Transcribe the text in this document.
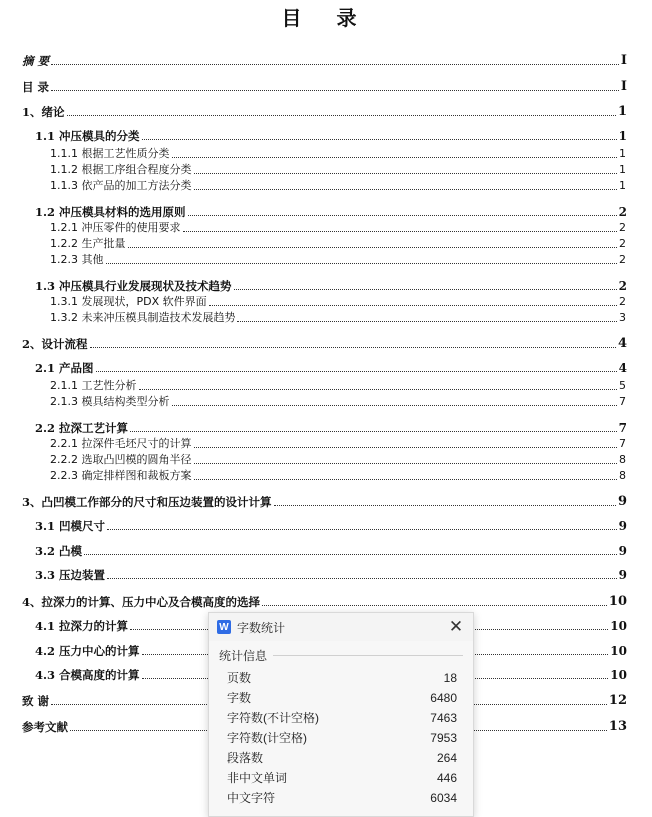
目 录
摘 要	I
目 录	I
1、绪论	1
1.1 冲压模具的分类	1
1.1.1 根据工艺性质分类	1
1.1.2 根据工序组合程度分类	1
1.1.3 依产品的加工方法分类	1
1.2 冲压模具材料的选用原则	2
1.2.1 冲压零件的使用要求	2
1.2.2 生产批量	2
1.2.3 其他	2
1.3 冲压模具行业发展现状及技术趋势	2
1.3.1 发展现状，PDX 软件界面	2
1.3.2 未来冲压模具制造技术发展趋势	3
2、设计流程	4
2.1 产品图	4
2.1.1 工艺性分析	5
2.1.3 模具结构类型分析	7
2.2 拉深工艺计算	7
2.2.1 拉深件毛坯尺寸的计算	7
2.2.2 选取凸凹模的圆角半径	8
2.2.3 确定排样图和裁板方案	8
3、凸凹模工作部分的尺寸和压边装置的设计计算	9
3.1 凹模尺寸	9
3.2 凸模	9
3.3 压边装置	9
4、拉深力的计算、压力中心及合模高度的选择	10
4.1 拉深力的计算	10
4.2 压力中心的计算	10
4.3 合模高度的计算	10
致 谢	12
参考文献	13
W 字数统计	✕
统计信息
页数	18
字数	6480
字符数(不计空格)	7463
字符数(计空格)	7953
段落数	264
非中文单词	446
中文字符	6034
